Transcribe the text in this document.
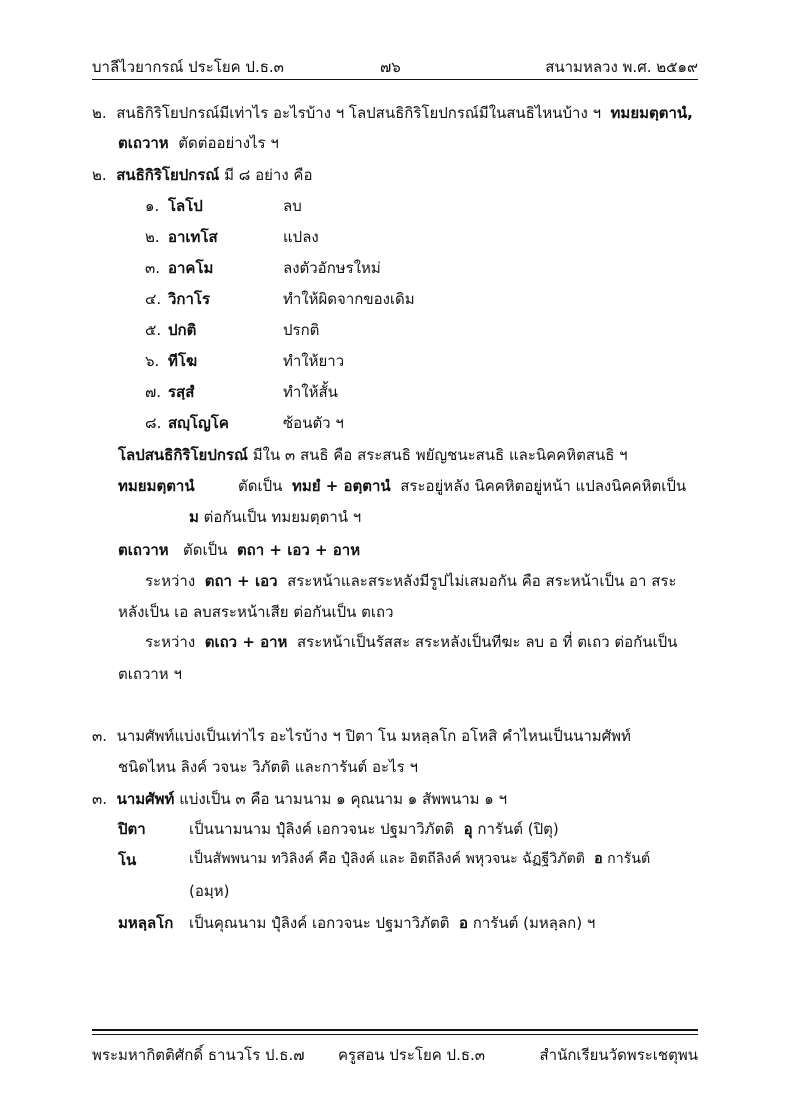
บาลีไวยากรณ์ ประโยค ป.ธ.๓	๗๖	สนามหลวง พ.ศ. ๒๕๑๙
๒. สนธิกิริโยปกรณ์มีเท่าไร อะไรบ้าง ฯ โลปสนธิกิริโยปกรณ์มีในสนธิไหนบ้าง ฯ ทมยมตฺตานํ,
ตเถวาห ตัดต่ออย่างไร ฯ
๒. สนธิกิริโยปกรณ์ มี ๘ อย่าง คือ
๑. โลโป	ลบ
๒. อาเทโส	แปลง
๓. อาคโม	ลงตัวอักษรใหม่
๔. วิกาโร	ทำให้ผิดจากของเดิม
๕. ปกติ	ปรกติ
๖. ทีโฆ	ทำให้ยาว
๗. รสฺสํ	ทำให้สั้น
๘. สญฺโญโค	ซ้อนตัว ฯ
โลปสนธิกิริโยปกรณ์ มีใน ๓ สนธิ คือ สระสนธิ พยัญชนะสนธิ และนิคคหิตสนธิ ฯ
ทมยมตฺตานํ	ตัดเป็น ทมยํ + อตฺตานํ สระอยู่หลัง นิคคหิตอยู่หน้า แปลงนิคคหิตเป็น
ม ต่อกันเป็น ทมยมตฺตานํ ฯ
ตเถวาห ตัดเป็น ตถา + เอว + อาห
ระหว่าง ตถา + เอว สระหน้าและสระหลังมีรูปไม่เสมอกัน คือ สระหน้าเป็น อา สระ
หลังเป็น เอ ลบสระหน้าเสีย ต่อกันเป็น ตเถว
ระหว่าง ตเถว + อาห สระหน้าเป็นรัสสะ สระหลังเป็นทีฆะ ลบ อ ที่ ตเถว ต่อกันเป็น
ตเถวาห ฯ
๓. นามศัพท์แบ่งเป็นเท่าไร อะไรบ้าง ฯ ปิตา โน มหลฺลโก อโหสิ คำไหนเป็นนามศัพท์
ชนิดไหน ลิงค์ วจนะ วิภัตติ และการันต์ อะไร ฯ
๓. นามศัพท์ แบ่งเป็น ๓ คือ นามนาม ๑ คุณนาม ๑ สัพพนาม ๑ ฯ
ปิตา	เป็นนามนาม ปุํลิงค์ เอกวจนะ ปฐมาวิภัตติ อุ การันต์ (ปิตุ)
โน	เป็นสัพพนาม ทวิลิงค์ คือ ปุํลิงค์ และ อิตถีลิงค์ พหุวจนะ ฉัฏฐีวิภัตติ อ การันต์
(อมฺห)
มหลฺลโก เป็นคุณนาม ปุํลิงค์ เอกวจนะ ปฐมาวิภัตติ อ การันต์ (มหลฺลก) ฯ
พระมหากิตติศักดิ์ ธานวโร ป.ธ.๗ ครูสอน ประโยค ป.ธ.๓	สำนักเรียนวัดพระเชตุพน
